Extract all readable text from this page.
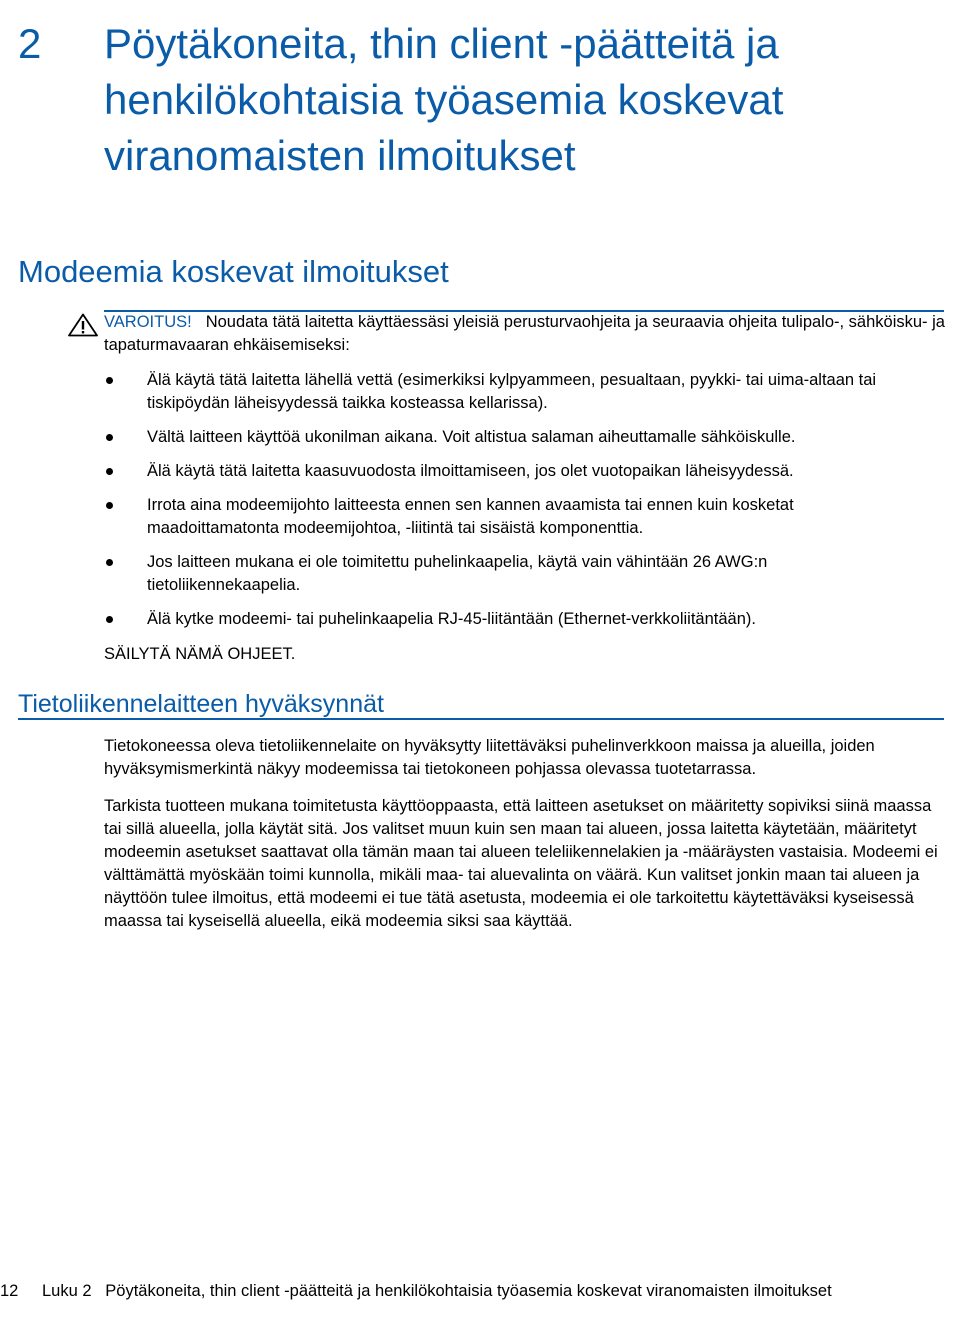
2 Pöytäkoneita, thin client -päätteitä ja henkilökohtaisia työasemia koskevat viranomaisten ilmoitukset
Modeemia koskevat ilmoitukset
VAROITUS! Noudata tätä laitetta käyttäessäsi yleisiä perusturvaohjeita ja seuraavia ohjeita tulipalo-, sähköisku- ja tapaturmavaaran ehkäisemiseksi:
Älä käytä tätä laitetta lähellä vettä (esimerkiksi kylpyammeen, pesualtaan, pyykki- tai uima-altaan tai tiskipöydän läheisyydessä taikka kosteassa kellarissa).
Vältä laitteen käyttöä ukonilman aikana. Voit altistua salaman aiheuttamalle sähköiskulle.
Älä käytä tätä laitetta kaasuvuodosta ilmoittamiseen, jos olet vuotopaikan läheisyydessä.
Irrota aina modeemijohto laitteesta ennen sen kannen avaamista tai ennen kuin kosketat maadoittamatonta modeemijohtoa, -liitintä tai sisäistä komponenttia.
Jos laitteen mukana ei ole toimitettu puhelinkaapelia, käytä vain vähintään 26 AWG:n tietoliikennekaapelia.
Älä kytke modeemi- tai puhelinkaapelia RJ-45-liitäntään (Ethernet-verkkoliitäntään).
SÄILYTÄ NÄMÄ OHJEET.
Tietoliikennelaitteen hyväksynnät

Tietokoneessa oleva tietoliikennelaite on hyväksytty liitettäväksi puhelinverkkoon maissa ja alueilla, joiden hyväksymismerkintä näkyy modeemissa tai tietokoneen pohjassa olevassa tuotetarrassa.

Tarkista tuotteen mukana toimitetusta käyttöoppaasta, että laitteen asetukset on määritetty sopiviksi siinä maassa tai sillä alueella, jolla käytät sitä. Jos valitset muun kuin sen maan tai alueen, jossa laitetta käytetään, määritetyt modeemin asetukset saattavat olla tämän maan tai alueen teleliikennelakien ja -määräysten vastaisia. Modeemi ei välttämättä myöskään toimi kunnolla, mikäli maa- tai aluevalinta on väärä. Kun valitset jonkin maan tai alueen ja näyttöön tulee ilmoitus, että modeemi ei tue tätä asetusta, modeemia ei ole tarkoitettu käytettäväksi kyseisessä maassa tai kyseisellä alueella, eikä modeemia siksi saa käyttää.

12 Luku 2   Pöytäkoneita, thin client -päätteitä ja henkilökohtaisia työasemia koskevat viranomaisten ilmoitukset
